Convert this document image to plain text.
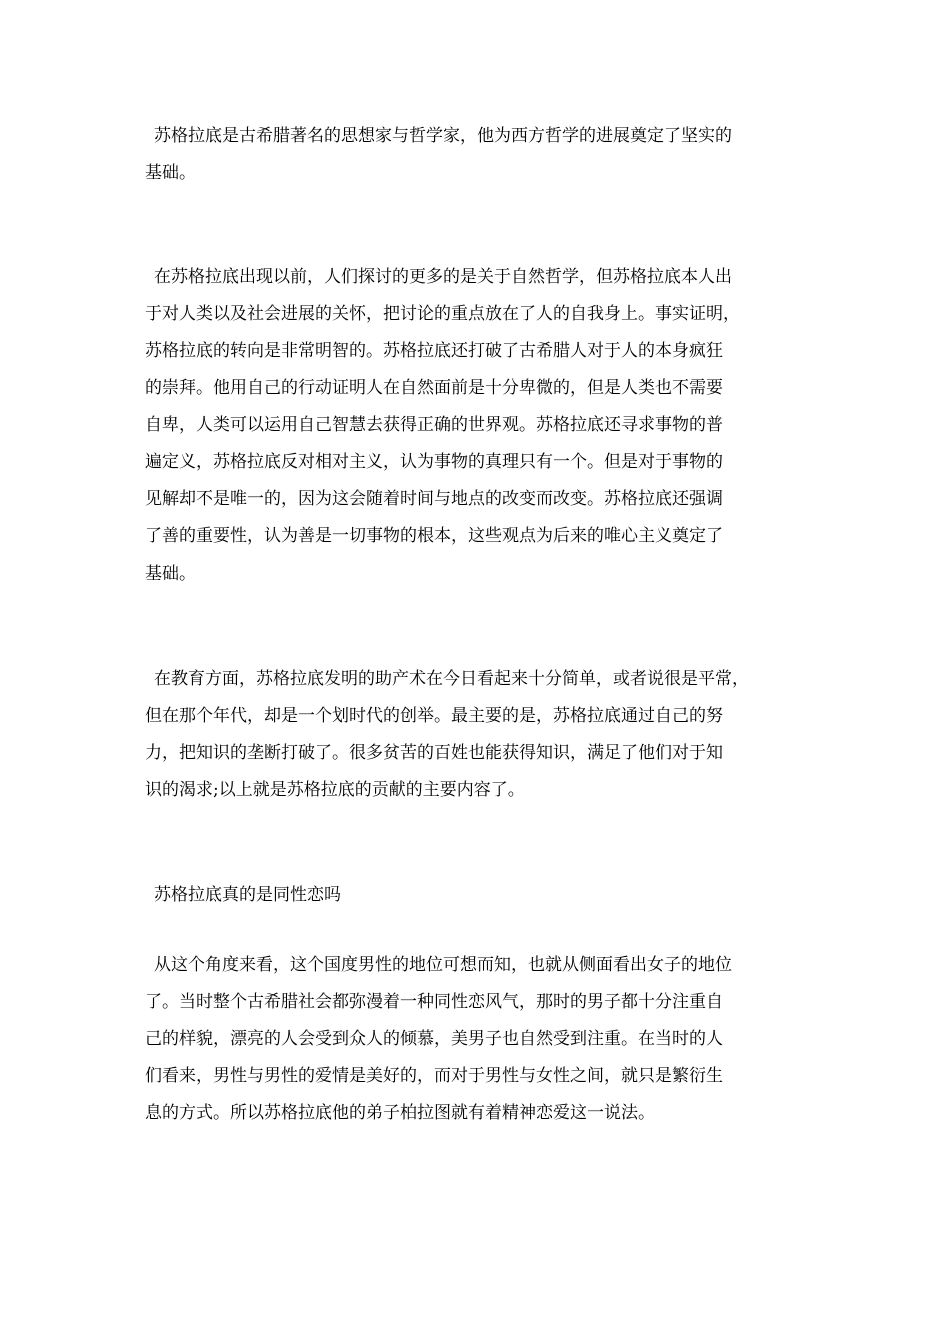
苏格拉底是古希腊著名的思想家与哲学家，他为西方哲学的进展奠定了坚实的
基础。
在苏格拉底出现以前，人们探讨的更多的是关于自然哲学，但苏格拉底本人出
于对人类以及社会进展的关怀，把讨论的重点放在了人的自我身上。事实证明，
苏格拉底的转向是非常明智的。苏格拉底还打破了古希腊人对于人的本身疯狂
的崇拜。他用自己的行动证明人在自然面前是十分卑微的，但是人类也不需要
自卑，人类可以运用自己智慧去获得正确的世界观。苏格拉底还寻求事物的普
遍定义，苏格拉底反对相对主义，认为事物的真理只有一个。但是对于事物的
见解却不是唯一的，因为这会随着时间与地点的改变而改变。苏格拉底还强调
了善的重要性，认为善是一切事物的根本，这些观点为后来的唯心主义奠定了
基础。
在教育方面，苏格拉底发明的助产术在今日看起来十分简单，或者说很是平常，
但在那个年代，却是一个划时代的创举。最主要的是，苏格拉底通过自己的努
力，把知识的垄断打破了。很多贫苦的百姓也能获得知识，满足了他们对于知
识的渴求;以上就是苏格拉底的贡献的主要内容了。
苏格拉底真的是同性恋吗
从这个角度来看，这个国度男性的地位可想而知，也就从侧面看出女子的地位
了。当时整个古希腊社会都弥漫着一种同性恋风气，那时的男子都十分注重自
己的样貌，漂亮的人会受到众人的倾慕，美男子也自然受到注重。在当时的人
们看来，男性与男性的爱情是美好的，而对于男性与女性之间，就只是繁衍生
息的方式。所以苏格拉底他的弟子柏拉图就有着精神恋爱这一说法。
